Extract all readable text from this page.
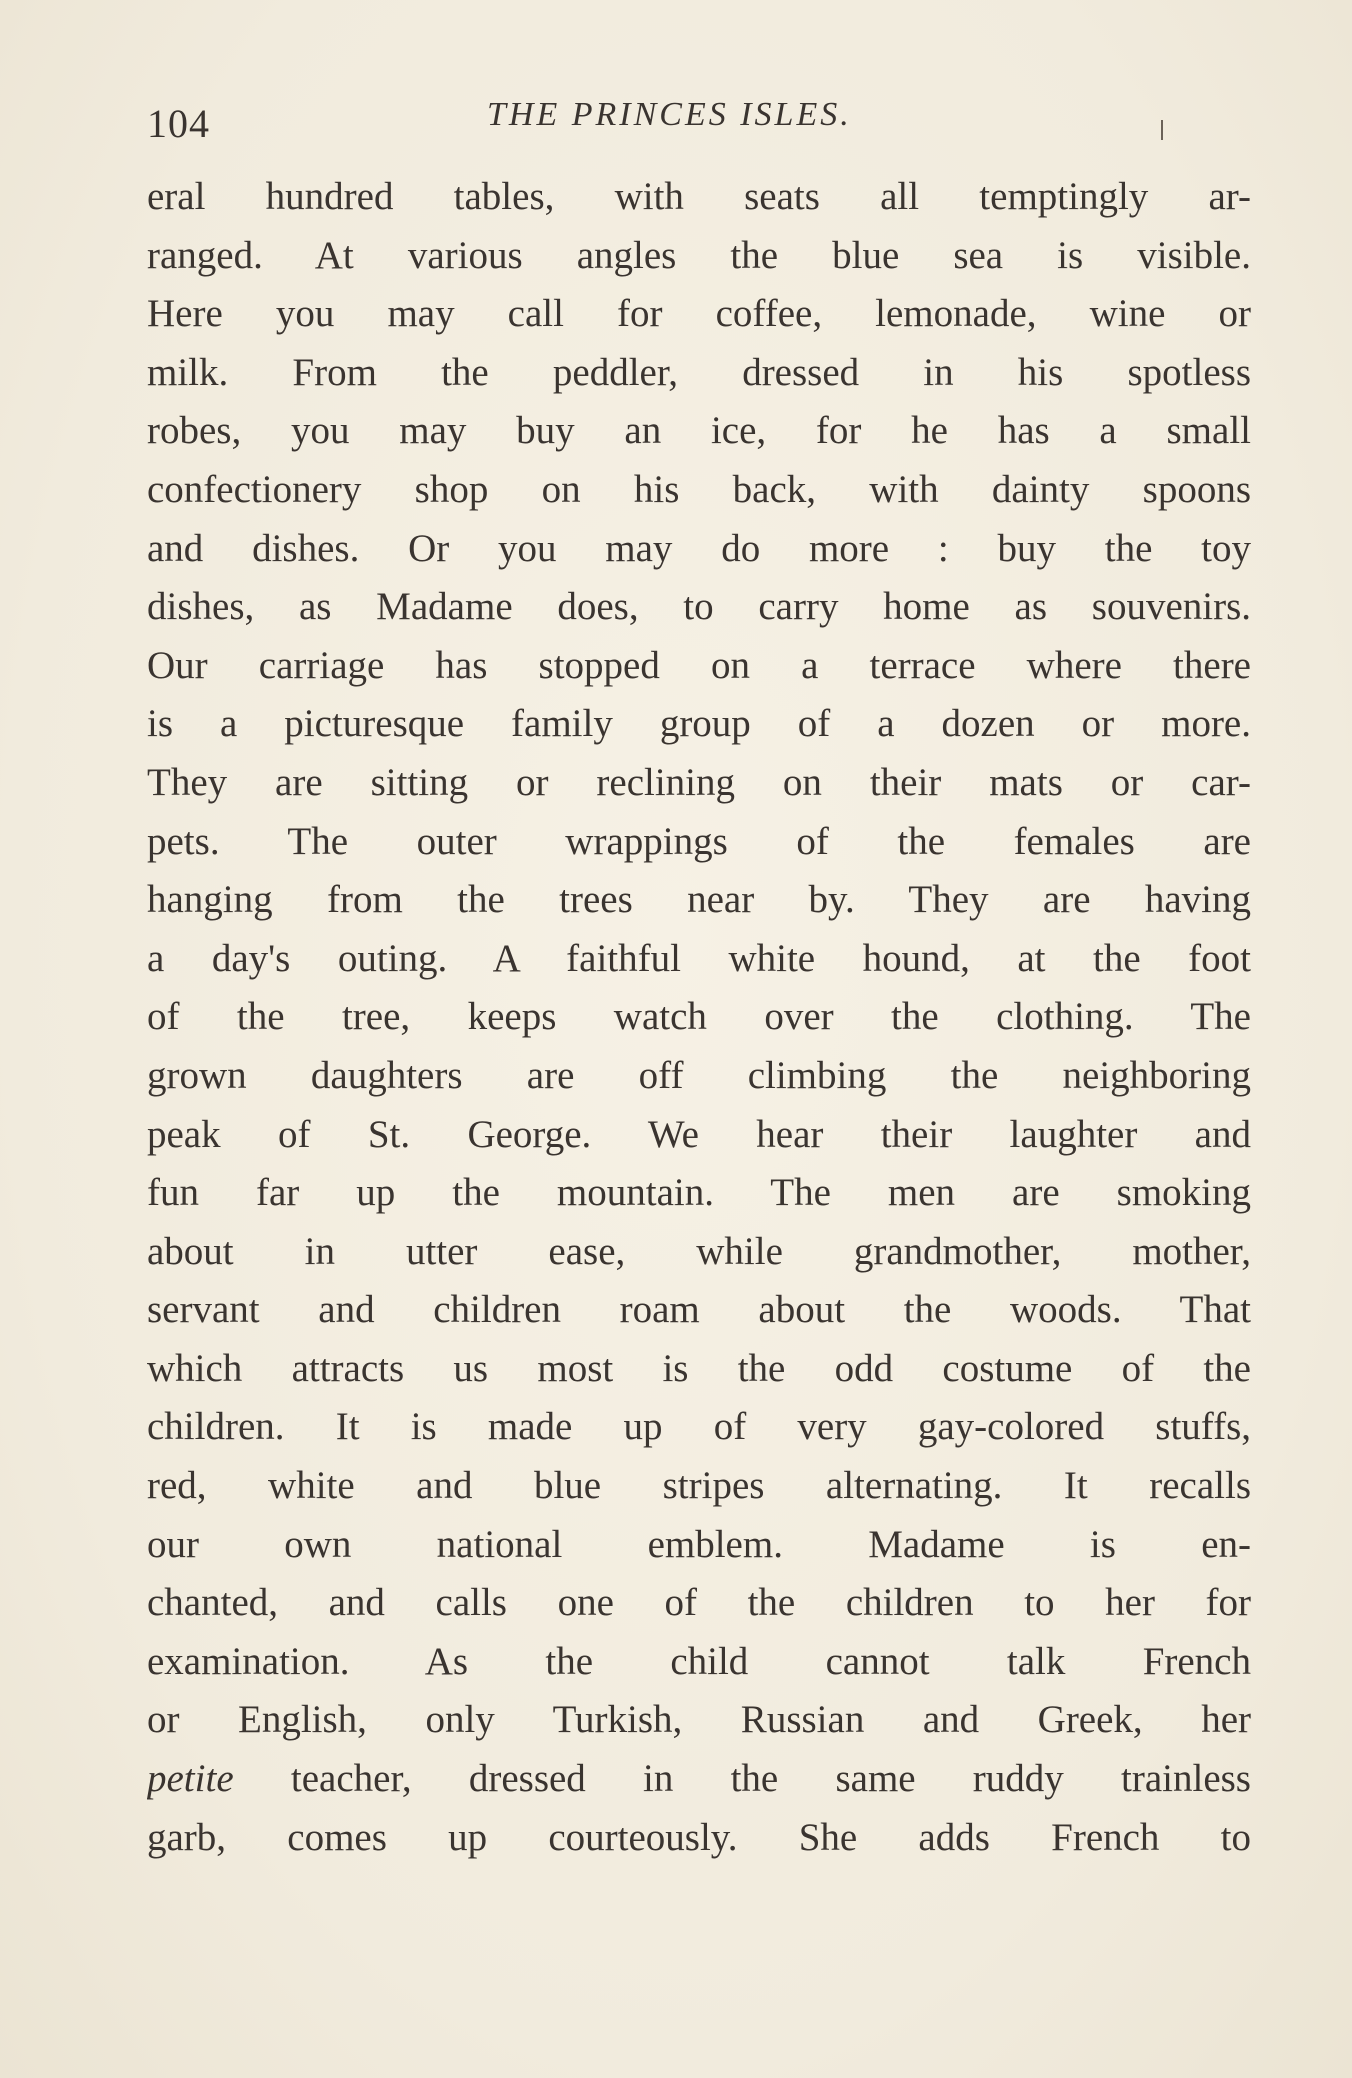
104	THE PRINCES ISLES.
eral hundred tables, with seats all temptingly ar-
ranged. At various angles the blue sea is visible.
Here you may call for coffee, lemonade, wine or
milk. From the peddler, dressed in his spotless
robes, you may buy an ice, for he has a small
confectionery shop on his back, with dainty spoons
and dishes. Or you may do more : buy the toy
dishes, as Madame does, to carry home as souvenirs.
Our carriage has stopped on a terrace where there
is a picturesque family group of a dozen or more.
They are sitting or reclining on their mats or car-
pets. The outer wrappings of the females are
hanging from the trees near by. They are having
a day's outing. A faithful white hound, at the foot
of the tree, keeps watch over the clothing. The
grown daughters are off climbing the neighboring
peak of St. George. We hear their laughter and
fun far up the mountain. The men are smoking
about in utter ease, while grandmother, mother,
servant and children roam about the woods. That
which attracts us most is the odd costume of the
children. It is made up of very gay-colored stuffs,
red, white and blue stripes alternating. It recalls
our own national emblem. Madame is en-
chanted, and calls one of the children to her for
examination. As the child cannot talk French
or English, only Turkish, Russian and Greek, her
petite teacher, dressed in the same ruddy trainless
garb, comes up courteously. She adds French to
